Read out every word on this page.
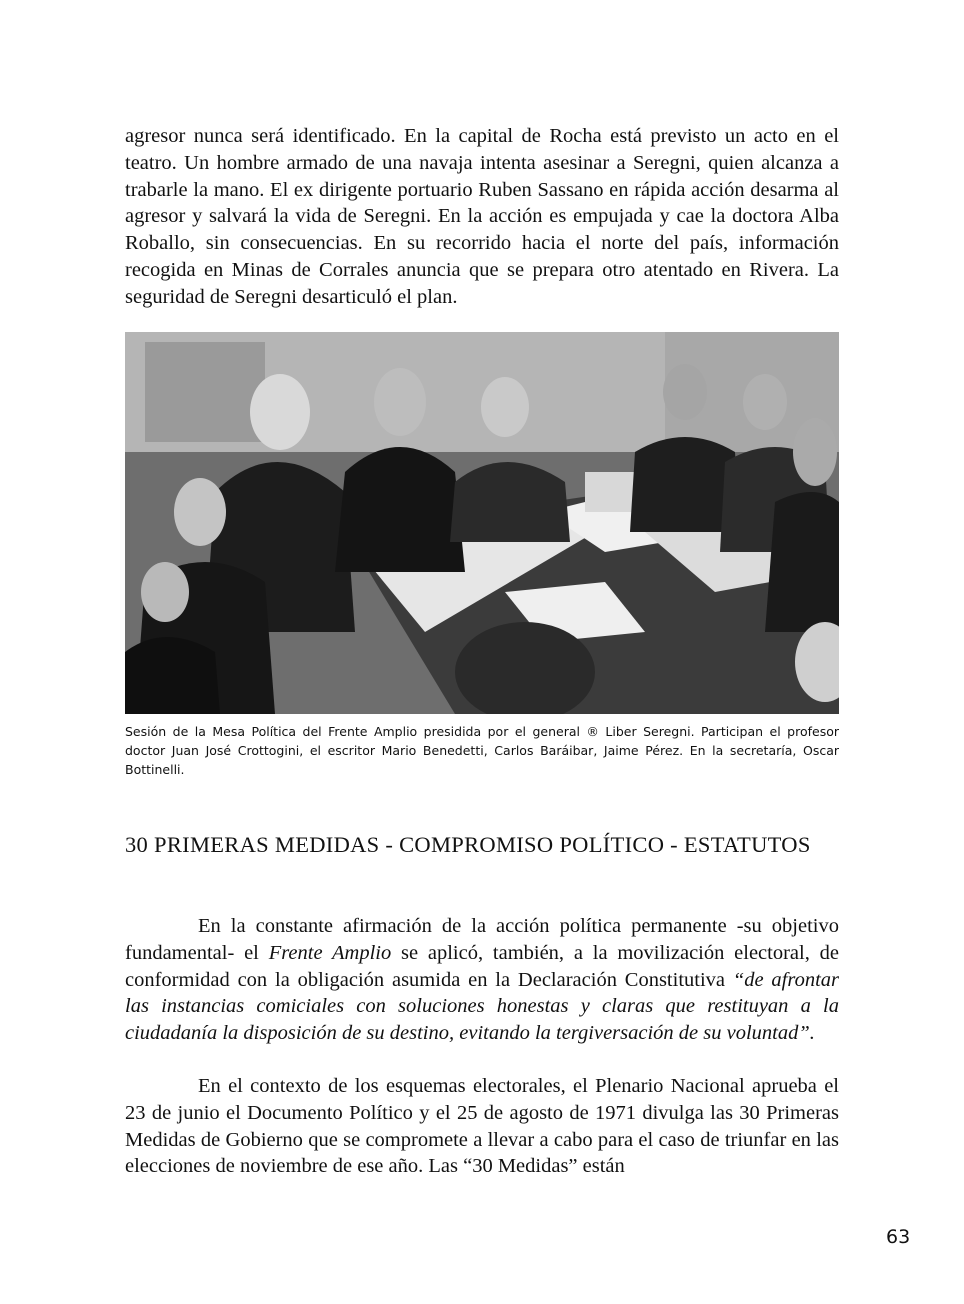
agresor nunca será identificado. En la capital de Rocha está previsto un acto en el teatro. Un hombre armado de una navaja intenta asesinar a Seregni, quien alcanza a trabarle la mano. El ex dirigente portuario Ruben Sassano en rápida acción desarma al agresor y salvará la vida de Seregni. En la acción es empujada y cae la doctora Alba Roballo, sin consecuencias. En su recorrido hacia el norte del país, información recogida en Minas de Corrales anuncia que se prepara otro atentado en Rivera. La seguridad de Seregni desarticuló el plan.

Sesión de la Mesa Política del Frente Amplio presidida por el general ® Liber Seregni. Participan el profesor doctor Juan José Crottogini, el escritor Mario Benedetti, Carlos Baráibar, Jaime Pérez. En la secretaría, Oscar Bottinelli.

30 PRIMERAS MEDIDAS - COMPROMISO POLÍTICO - ESTATUTOS

En la constante afirmación de la acción política permanente -su objetivo fundamental- el Frente Amplio se aplicó, también, a la movilización electoral, de conformidad con la obligación asumida en la Declaración Constitutiva “de afrontar las instancias comiciales con soluciones honestas y claras que restituyan a la ciudadanía la disposición de su destino, evitando la tergiversación de su voluntad”.

En el contexto de los esquemas electorales, el Plenario Nacional aprueba el 23 de junio el Documento Político y el 25 de agosto de 1971 divulga las 30 Primeras Medidas de Gobierno que se compromete a llevar a cabo para el caso de triunfar en las elecciones de noviembre de ese año. Las “30 Medidas” están

63
